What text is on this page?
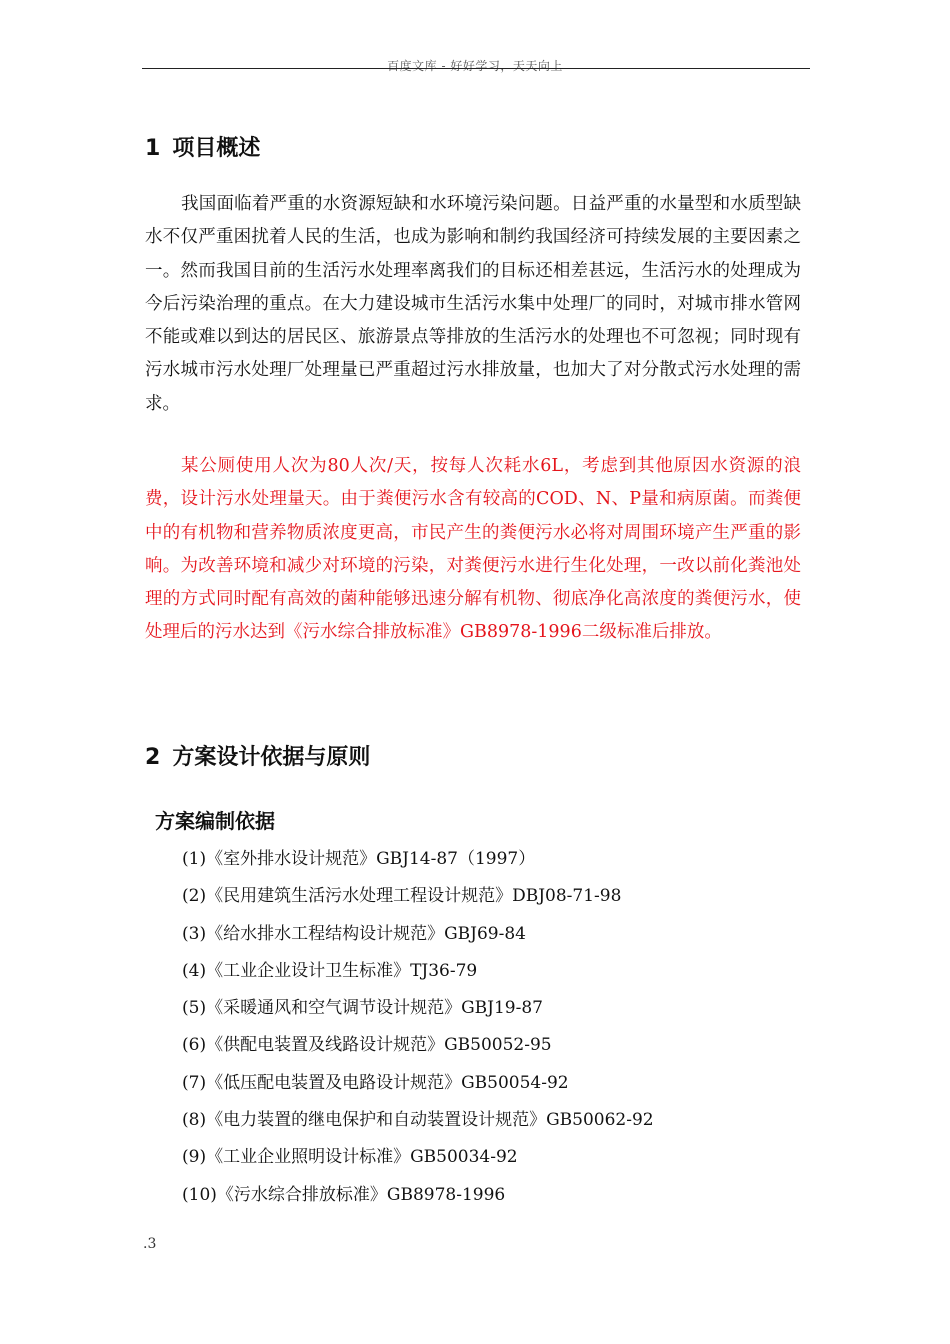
百度文库 - 好好学习，天天向上
1 项目概述

我国面临着严重的水资源短缺和水环境污染问题。日益严重的水量型和水质型缺水不仅严重困扰着人民的生活，也成为影响和制约我国经济可持续发展的主要因素之一。然而我国目前的生活污水处理率离我们的目标还相差甚远，生活污水的处理成为今后污染治理的重点。在大力建设城市生活污水集中处理厂的同时，对城市排水管网不能或难以到达的居民区、旅游景点等排放的生活污水的处理也不可忽视；同时现有污水城市污水处理厂处理量已严重超过污水排放量，也加大了对分散式污水处理的需求。

某公厕使用人次为80人次/天，按每人次耗水6L，考虑到其他原因水资源的浪费，设计污水处理量天。由于粪便污水含有较高的COD、N、P量和病原菌。而粪便中的有机物和营养物质浓度更高，市民产生的粪便污水必将对周围环境产生严重的影响。为改善环境和减少对环境的污染，对粪便污水进行生化处理，一改以前化粪池处理的方式同时配有高效的菌种能够迅速分解有机物、彻底净化高浓度的粪便污水，使处理后的污水达到《污水综合排放标准》GB8978-1996二级标准后排放。

2 方案设计依据与原则
方案编制依据
(1)《室外排水设计规范》GBJ14-87（1997）
(2)《民用建筑生活污水处理工程设计规范》DBJ08-71-98
(3)《给水排水工程结构设计规范》GBJ69-84
(4)《工业企业设计卫生标准》TJ36-79
(5)《采暖通风和空气调节设计规范》GBJ19-87
(6)《供配电装置及线路设计规范》GB50052-95
(7)《低压配电装置及电路设计规范》GB50054-92
(8)《电力装置的继电保护和自动装置设计规范》GB50062-92
(9)《工业企业照明设计标准》GB50034-92
(10)《污水综合排放标准》GB8978-1996
.3
